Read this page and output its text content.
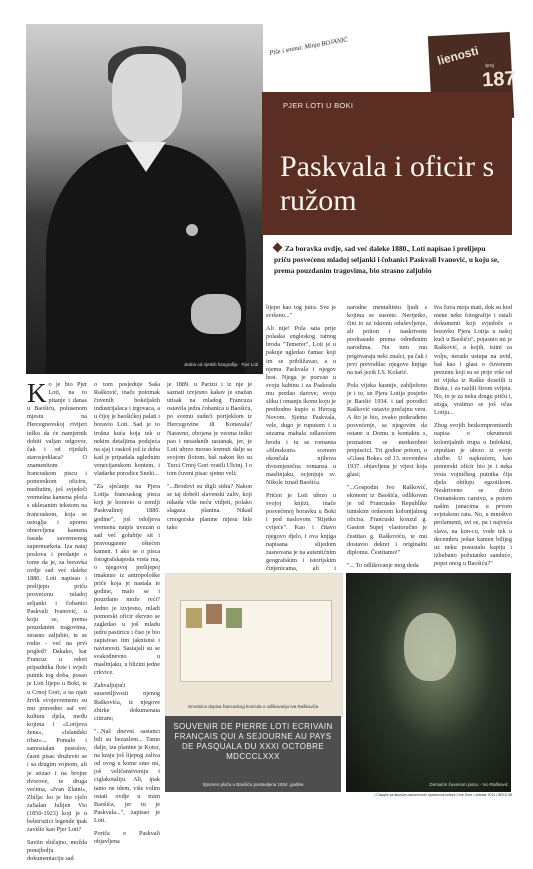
Jedna od rijetkih fotografija · Pjer Loti
Piše i snima: Minja BOJANIĆ	lienosti broj
187
PJER LOTI U BOKI
Paskvala i oficir s ružom
Za boravka ovdje, sad već daleke 1880., Loti napisao i prelijepu priču posvećenu mladoj seljanki i čobanici Paskvali Ivanović, u koju se, prema pouzdanim tragovima, bio strasno zaljubio

Ko je bio Pjer Loti, na to pitanje i danas u Baošiću, polusenom mjestu na Hercegnovskoj rivijeri teško da će namjernik dobiti valjan odgovor, čak i od rijetkih starosjedilaca? O znamenitom francuskom piscu i pomorskom oficiru, mediutim, još svjedoči vremešna kamena ploča s uklesanim tekstom na francuskom, koja se ustoglja i uporno obnovljena kamena fasada savremenog supermarketa. Iza nataj poslova i predanje o tome da je, za boravka ovdje sad već daleke 1880. Loti napisao i prelijepu priču posvećenu mladoj seljanki i čobanici Paskvali Ivanović, u koju se, prema pouzdanim tragovima, strasno zaljubio, te se rodio - već na prvi pogled? Dakako, kar Francuz u odori pripadnika flote i svježi putnik tog doba, posao je Loti lijepo u Boki, te u Crnoj Gori, a na njati žrvik svojevremeno su mu pravedno saf već kultura djela, među kojima i «Lorijeva žena», «Islandski ribar»... Pomalo i samostalan pustolov, časni pisac druževio se i sa drugim vojnom, ali je stizao i na brojne dvorove, te druga većima, «Ivan Zlatni», Zbilja: ko je bio cjelo zaSalan Julijen Vio (1850-1923) koji je u beletristici legende ipak zavišio kao Pjer Loti?

Saviin slučajno, možda ponajbolju dokumentaciju sad

o tom posjeduje Saša Rašković, inače potomak čuvenih bokeljskih industrijalaca i trgovaca, a u čijoj je baošićkoj palati i boravio Loti. Sad je to trošna kuća koja tek u nekim detaljima podsjeća na sjaj i raskoš još iz doba kad je pripadala uglednim venecijanskom kontem, i vladarke porodice Sneki...

"Za sjećanje na Pjera Lotija francuskog pisca koji je boravio u zemlji Paskvalinoj 1880. godine", još odoljeva vremenu natpis uvezan u sad već golubije sit i pravougaono oštećen kamen. I ako se o pisca fotografskapoda vrsta ma, o njegovoj prelijepoj imaknuo iz antropološke priče koja je nastala te godine, malo se i pouzdano može reći? Jedno je izvjesno, mladi pomorski oficir ekrvno se zagledao u još mladu jedru pastiricu i čiso je bio zapisivao tim jaknisnsi i navisnosti. Sastajali su se svakodnevno u maslinjaku, u blizini jedne crkvice.

Zahvaljujući sussretljivosti njenog Raškovića, iz njegove zbirke dokumenata citiram;

"...Naš dnevni sastanci bili su bezazleni... Tamo dalje, iza planine je Kotor, na kraju još lijepog zaliva od ovog u kome smo mi, još veličanstveniju i ciglakotaliju. Ali, ipak tamo ne idem, više volim ostati ovdje u mirn Baošića, jer tu je Paskvala...", zapisao je Loti.

Poriča o Paskvali objavljena

je 1889. u Parizu i iz nje je saznati izvjesno kakav je snažan utisak na mladog Francuza ostavila jedra čobanica u Baošiću, po svemu sudeći porijeklom iz Hercegovine ili Konavala? Naravno, obojena je veoma teško pao i nesadanih rastanak, jer, je Loti ubrzo morao krenuti dalje sa svojom flotom, baš nakon što su Turci Crnoj Gori vratili Ulcinj. I o tom čuvmi pisac sjetno veli;

"...Brodovi su digli sidra? Nakon se taj dobeši slavenski zaliv, koji nikada više neću vidjeti, polako slagaza planina. Nikad crnogorske planine nijesu bile tako

lijepo kao tog jutra. Sve je svršeno..."

Ali nije! Pola sata prije polaska engleskog ratnog broda "Temerer", Loti je u pakuje ugledao čamac koji im se približavao, a u njemu Paskvala i njegov brat. Njega je pozvao u svoju kabinu i za Paskvalu mu predao darove; svoju sliku i omanju ikonu koju je prethodno kupio u Herceg Novom. Sjetna Paskvala, vele, dugo je ruputom i u suzama mahala odlazećem brodu i tu se romansa «filmskom» scenom okončala njihova dvosmjesečna romansa u maslinjaku, ocjenjuje sv. Nikole iznad Baošića.

Prićen je Loti ubrzo u svojoj knjizi, inače posvećenoj boravku u Boki i pod naslovom "Rijetko cvijeće". Kao i čitavo njegovo djelo, i ova knjiga napisana slijedom zasnovana je na autentičnim geografskim i istorijskim činjenicama, ali i

narodne mentalitetu ljudi s kojima se susrete. Nerijetko, čini to uz iskrenu oduševljenje, ali poiton i naskrivene predrasude prema određenim narodima. Na tom mu prigovaraju neki znalci, pa čak i prvi prevodilac njegove knjige na naš jezik I.S. Kolarić.

Pola vijeka kasnije, zahlježeno je i to, sn Pjera Lotija posjetio je Baošić 1934. i tad porodici Rašković ostavio prečajnu veru. A što je bio, ovako potkrađeno posvećenje, sa njegovim da ostane u Domu u kontaktu s, poznatom se medusobno prepiscici. Tri godine potom, u «Glasu Boke» od 13. novembra 1937. objavljena je vijest koja glasi;

"...Gospodin Ivo Rašković, ekonom iz Baošića, odlikovan je od Francuske Republike tuniskim ordenom kolonijalnog oficira. Francuski konzul g. Gaston Supej vlastoručno je čestitao g. Raškoviću, te mu dostavio dekret i originalni diplomu. Čestitamo!"

"... To odlikovanje mog deda

Iva čuva moja mati, dok su kod mene neke fotografije i ostali dokumenti koji svjedoče o boravku Pjera Lotija u našoj kući u Baošiću", pojasnio mi je Rašković, a kojih, istini za volju, nerado ustupa na uvid, baš kao i glasi o čuvenom prezenu koji su se prije više od tri vijeka iz Raške doselili u Boku, i za razlili širom svijeta. No, to je za neku drugu priču i, stoga, vratimo se još očas Lotiju...

Zbog svojih beskompromisnih napisa o okrutnosti kolonijalnih trupa u Indokini, otpuštan je ubrzo iz svoje službe. U najkraćem, kao pomorski oficir bio je i neka vrsta vojničkog putnika čija djela obiluju egzotikom. Neskriveno se divio Osmanskom carstvu, a potom našim junacima u prvom svjetskom ratu. No, u mnoštvo prolamenti, svi se, pa i najveća slava, na kon-cu, vode tek u decembru jedan kamen bilijeg uz neku posustalu kapiju i izbubano požutanko sandućo, popst onog u Baošiću?"

Omotnica dopisa francuskog konzula o odlikovanju Iva Raškovića
SOUVENIR DE PIERRE LOTI ECRIVAIN FRANÇAIS QUI A SEJOURNE AU PAYS DE PASQUALA DU XXXI OCTOBRE MDCCCLXXX
Spomen ploča u Baošiću postavljena 1934. godine	Domaćin čuvenom piscu - Ivo Rašković
• Časopis za iskustva zatvorenosti i ispravnosti kulture Crne Gore • oktobar 2013 • BROJ 58
